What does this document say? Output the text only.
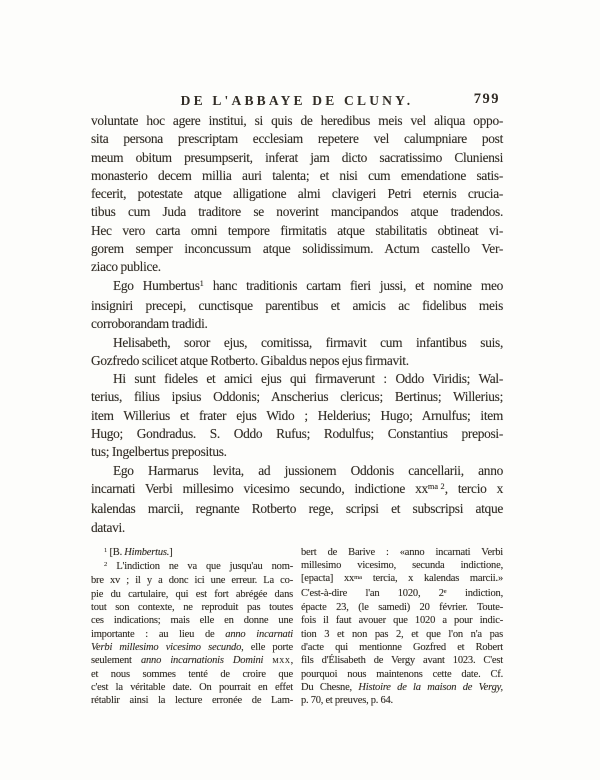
DE L'ABBAYE DE CLUNY.	799
voluntate hoc agere institui, si quis de heredibus meis vel aliqua oppo-
sita persona prescriptam ecclesiam repetere vel calumpniare post
meum obitum presumpserit, inferat jam dicto sacratissimo Cluniensi
monasterio decem millia auri talenta; et nisi cum emendatione satis-
fecerit, potestate atque alligatione almi clavigeri Petri eternis crucia-
tibus cum Juda traditore se noverint mancipandos atque tradendos.
Hec vero carta omni tempore firmitatis atque stabilitatis obtineat vi-
gorem semper inconcussum atque solidissimum. Actum castello Ver-
ziaco publice.
Ego Humbertus$^1$ hanc traditionis cartam fieri jussi, et nomine meo
insigniri precepi, cunctisque parentibus et amicis ac fidelibus meis
corroborandam tradidi.
Helisabeth, soror ejus, comitissa, firmavit cum infantibus suis,
Gozfredo scilicet atque Rotberto. Gibaldus nepos ejus firmavit.
Hi sunt fideles et amici ejus qui firmaverunt : Oddo Viridis; Wal-
terius, filius ipsius Oddonis; Anscherius clericus; Bertinus; Willerius;
item Willerius et frater ejus Wido ; Helderius; Hugo; Arnulfus; item
Hugo; Gondradus. S. Oddo Rufus; Rodulfus; Constantius preposi-
tus; Ingelbertus prepositus.
Ego Harmarus levita, ad jussionem Oddonis cancellarii, anno
incarnati Verbi millesimo vicesimo secundo, indictione $xx^{ma}$ $^2$, tercio x
kalendas marcii, regnante Rotberto rege, scripsi et subscripsi atque
datavi.
$^1$ [B. Himbertus.]
$^2$ L'indiction ne va que jusqu'au nom-
bre xv ; il y a donc ici une erreur. La co-
pie du cartulaire, qui est fort abrégée dans
tout son contexte, ne reproduit pas toutes
ces indications; mais elle en donne une
importante : au lieu de anno incarnati
Verbi millesimo vicesimo secundo, elle porte
seulement anno incarnationis Domini mxx,
et nous sommes tenté de croire que
c'est la véritable date. On pourrait en effet
rétablir ainsi la lecture erronée de Lam-
bert de Barive : «anno incarnati Verbi
millesimo vicesimo, secunda indictione,
[epacta] $xx^{ma}$ tercia, x kalendas marcii.»
C'est-à-dire l'an 1020, 2e indiction,
épacte 23, (le samedi) 20 février. Toute-
fois il faut avouer que 1020 a pour indic-
tion 3 et non pas 2, et que l'on n'a pas
d'acte qui mentionne Gozfred et Robert
fils d'Élisabeth de Vergy avant 1023. C'est
pourquoi nous maintenons cette date. Cf.
Du Chesne, Histoire de la maison de Vergy,
p. 70, et preuves, p. 64.
